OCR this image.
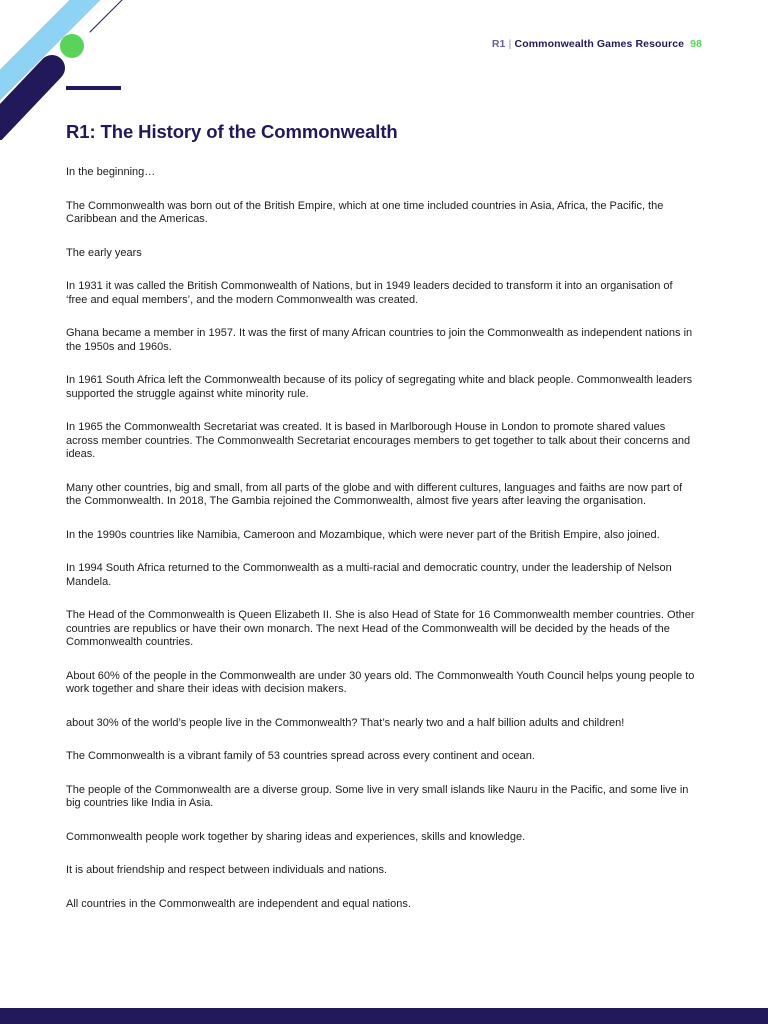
R1 | Commonwealth Games Resource 98
R1: The History of the Commonwealth

In the beginning…

The Commonwealth was born out of the British Empire, which at one time included countries in Asia, Africa, the Pacific, the Caribbean and the Americas.

The early years

In 1931 it was called the British Commonwealth of Nations, but in 1949 leaders decided to transform it into an organisation of ‘free and equal members’, and the modern Commonwealth was created.

Ghana became a member in 1957. It was the first of many African countries to join the Commonwealth as independent nations in the 1950s and 1960s.

In 1961 South Africa left the Commonwealth because of its policy of segregating white and black people. Commonwealth leaders supported the struggle against white minority rule.

In 1965 the Commonwealth Secretariat was created. It is based in Marlborough House in London to promote shared values across member countries. The Commonwealth Secretariat encourages members to get together to talk about their concerns and ideas.

Many other countries, big and small, from all parts of the globe and with different cultures, languages and faiths are now part of the Commonwealth. In 2018, The Gambia rejoined the Commonwealth, almost five years after leaving the organisation.

In the 1990s countries like Namibia, Cameroon and Mozambique, which were never part of the British Empire, also joined.

In 1994 South Africa returned to the Commonwealth as a multi-racial and democratic country, under the leadership of Nelson Mandela.

The Head of the Commonwealth is Queen Elizabeth II. She is also Head of State for 16 Commonwealth member countries. Other countries are republics or have their own monarch. The next Head of the Commonwealth will be decided by the heads of the Commonwealth countries.

About 60% of the people in the Commonwealth are under 30 years old. The Commonwealth Youth Council helps young people to work together and share their ideas with decision makers.

about 30% of the world’s people live in the Commonwealth? That’s nearly two and a half billion adults and children!

The Commonwealth is a vibrant family of 53 countries spread across every continent and ocean.

The people of the Commonwealth are a diverse group. Some live in very small islands like Nauru in the Pacific, and some live in big countries like India in Asia.

Commonwealth people work together by sharing ideas and experiences, skills and knowledge.

It is about friendship and respect between individuals and nations.

All countries in the Commonwealth are independent and equal nations.
